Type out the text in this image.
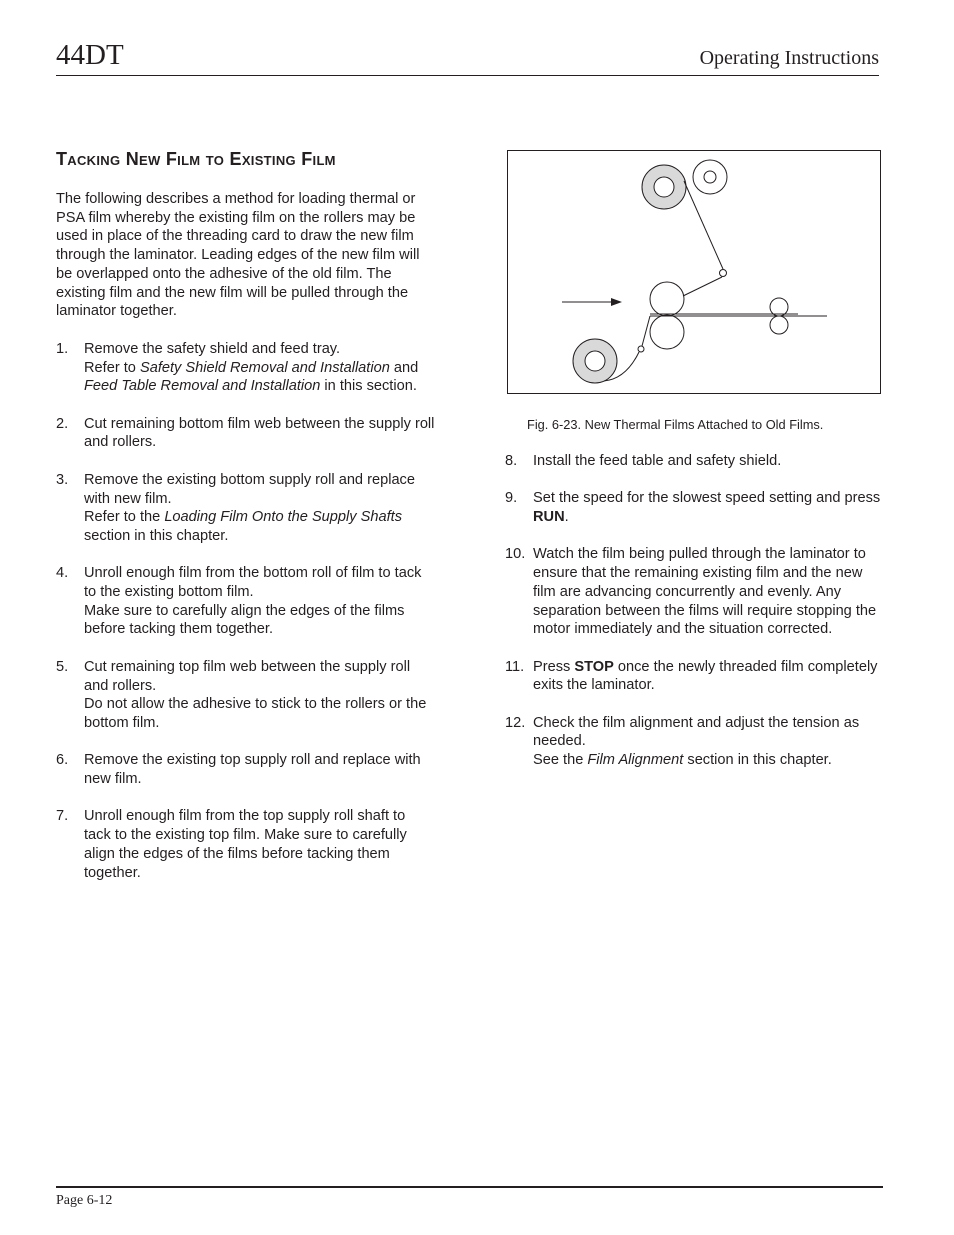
44DT	Operating Instructions
TACKING NEW FILM TO EXISTING FILM

The following describes a method for loading thermal or PSA film whereby the existing film on the rollers may be used in place of the threading card to draw the new film through the laminator. Leading edges of the new film will be overlapped onto the adhesive of the old film. The existing film and the new film will be pulled through the laminator together.

1. Remove the safety shield and feed tray.

Refer to Safety Shield Removal and Installation and
Feed Table Removal and Installation in this section.

2. Cut remaining bottom film web between the supply roll and rollers.

3. Remove the existing bottom supply roll and replace with new film.

Refer to the Loading Film Onto the Supply Shafts
section in this chapter.

4. Unroll enough film from the bottom roll of film to tack to the existing bottom film.

Make sure to carefully align the edges of the films before tacking them together.

5. Cut remaining top film web between the supply roll and rollers.

Do not allow the adhesive to stick to the rollers or the bottom film.

6. Remove the existing top supply roll and replace with new film.

7. Unroll enough film from the top supply roll shaft to tack to the existing top film. Make sure to carefully align the edges of the films before tacking them together.

Fig. 6-23. New Thermal Films Attached to Old Films.
8. Install the feed table and safety shield.

9. Set the speed for the slowest speed setting and press RUN.

10. Watch the film being pulled through the laminator to ensure that the remaining existing film and the new film are advancing concurrently and evenly. Any separation between the films will require stopping the motor immediately and the situation corrected.

11. Press STOP once the newly threaded film completely exits the laminator.

12. Check the film alignment and adjust the tension as needed.

See the Film Alignment section in this chapter.

Page 6-12
